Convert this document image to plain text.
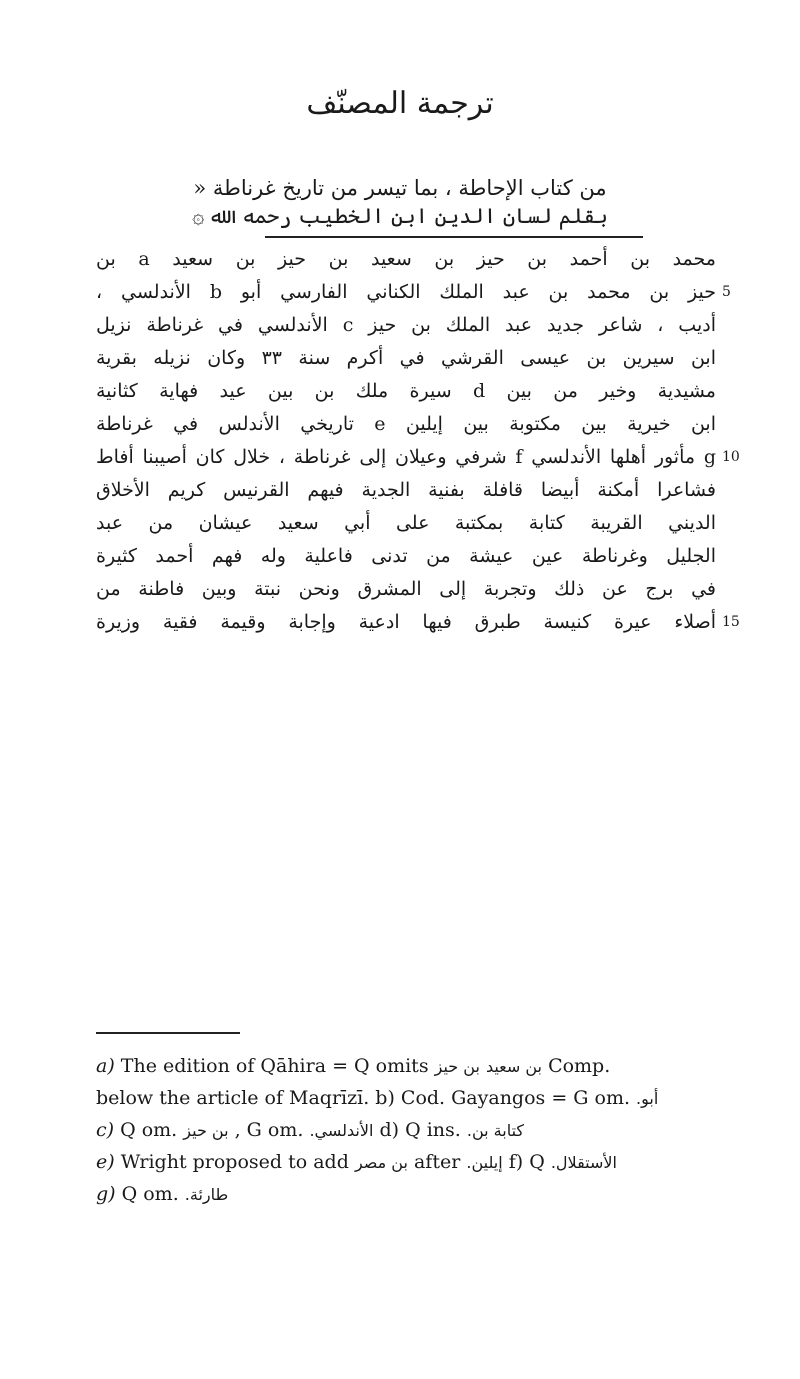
ترجمة المصنّف
من كتاب الإحاطة ، بما تيسر من تاريخ غرناطة «
بقلم لسان الدين ابن الخطيب رحمه الله ۞
محمد بن أحمد بن حيز بن سعيد بن حيز بن سعيد a بن
حيز بن محمد بن عبد الملك الكناني الفارسي أبو b الأندلسي ، 5
أديب ، شاعر جديد عبد الملك بن حيز c الأندلسي في غرناطة نزيل
ابن سيرين بن عيسى القرشي في أكرم سنة ٣٣ وكان نزيله بقرية
مشيدية وخير من بين d سيرة ملك بن بين عيد فهاية كثانية
ابن خيرية بين مكتوبة بين إيلين e تاريخي الأندلس في غرناطة
g مأثور أهلها الأندلسي f شرفي وعيلان إلى غرناطة ، خلال كان أصيبنا أفاط 10
فشاعرا أمكنة أبيضا قافلة بفنية الجدية فيهم القرنيس كريم الأخلاق
الديني القريبة كتابة بمكتبة على أبي سعيد عيشان من عبد
الجليل وغرناطة عين عيشة من تدنى فاعلية وله فهم أحمد كثيرة
في برج عن ذلك وتجربة إلى المشرق ونحن نبتة وبين فاطنة من
أصلاء عيرة كنيسة طبرق فيها ادعية وإجابة وقيمة فقية وزيرة 15
a) The edition of Qāhira = Q omits	بن سعيد بن حيز	Comp.
below the article of Maqrīzī. b) Cod. Gayangos = G om. أبو.
c) Q om. بن حيز , G om. الأندلسي. d) Q ins. كتابة بن.
e) Wright proposed to add بن مصر after إيلين. f) Q الأستقلال.
g) Q om. طارئة.
